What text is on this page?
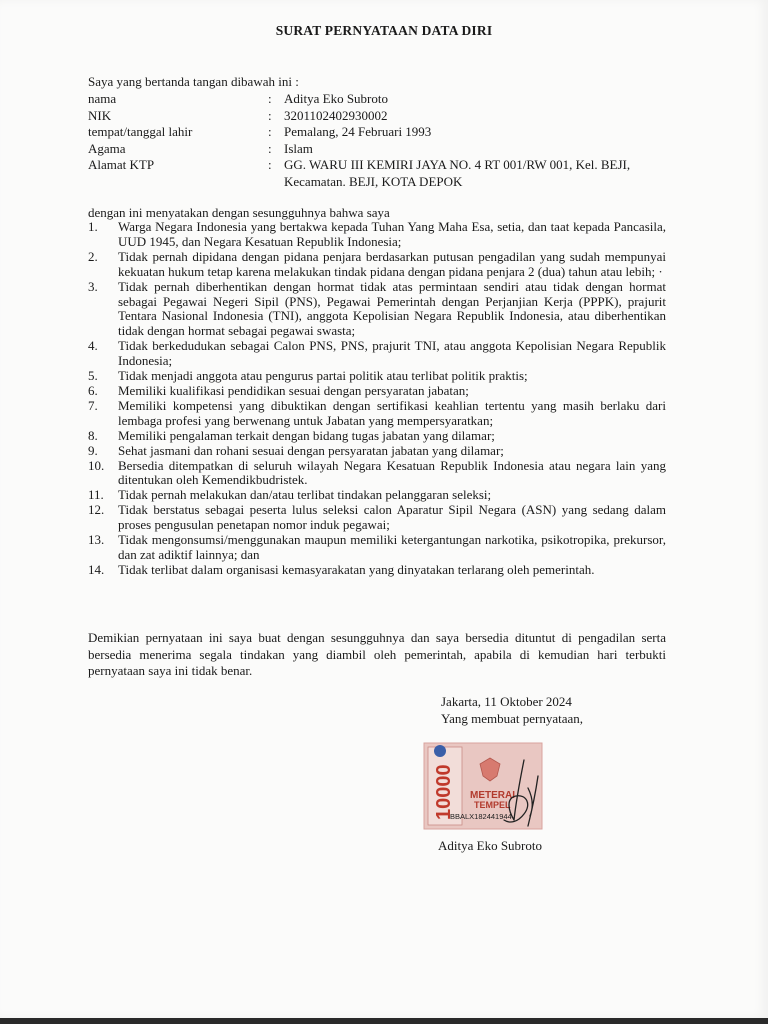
SURAT PERNYATAAN DATA DIRI
Saya yang bertanda tangan dibawah ini :
nama	: Aditya Eko Subroto
NIK	: 3201102402930002
tempat/tanggal lahir	: Pemalang, 24 Februari 1993
Agama	: Islam
Alamat KTP	: GG. WARU III KEMIRI JAYA NO. 4 RT 001/RW 001, Kel. BEJI, Kecamatan. BEJI, KOTA DEPOK
dengan ini menyatakan dengan sesungguhnya bahwa saya
1.	Warga Negara Indonesia yang bertakwa kepada Tuhan Yang Maha Esa, setia, dan taat kepada Pancasila, UUD 1945, dan Negara Kesatuan Republik Indonesia;
2.	Tidak pernah dipidana dengan pidana penjara berdasarkan putusan pengadilan yang sudah mempunyai kekuatan hukum tetap karena melakukan tindak pidana dengan pidana penjara 2 (dua) tahun atau lebih; ·
3.	Tidak pernah diberhentikan dengan hormat tidak atas permintaan sendiri atau tidak dengan hormat sebagai Pegawai Negeri Sipil (PNS), Pegawai Pemerintah dengan Perjanjian Kerja (PPPK), prajurit Tentara Nasional Indonesia (TNI), anggota Kepolisian Negara Republik Indonesia, atau diberhentikan tidak dengan hormat sebagai pegawai swasta;
4.	Tidak berkedudukan sebagai Calon PNS, PNS, prajurit TNI, atau anggota Kepolisian Negara Republik Indonesia;
5.	Tidak menjadi anggota atau pengurus partai politik atau terlibat politik praktis;
6.	Memiliki kualifikasi pendidikan sesuai dengan persyaratan jabatan;
7.	Memiliki kompetensi yang dibuktikan dengan sertifikasi keahlian tertentu yang masih berlaku dari lembaga profesi yang berwenang untuk Jabatan yang mempersyaratkan;
8.	Memiliki pengalaman terkait dengan bidang tugas jabatan yang dilamar;
9.	Sehat jasmani dan rohani sesuai dengan persyaratan jabatan yang dilamar;
10.	Bersedia ditempatkan di seluruh wilayah Negara Kesatuan Republik Indonesia atau negara lain yang ditentukan oleh Kemendikbudristek.
11.	Tidak pernah melakukan dan/atau terlibat tindakan pelanggaran seleksi;
12.	Tidak berstatus sebagai peserta lulus seleksi calon Aparatur Sipil Negara (ASN) yang sedang dalam proses pengusulan penetapan nomor induk pegawai;
13.	Tidak mengonsumsi/menggunakan maupun memiliki ketergantungan narkotika, psikotropika, prekursor, dan zat adiktif lainnya; dan
14.	Tidak terlibat dalam organisasi kemasyarakatan yang dinyatakan terlarang oleh pemerintah.
Demikian pernyataan ini saya buat dengan sesungguhnya dan saya bersedia dituntut di pengadilan serta bersedia menerima segala tindakan yang diambil oleh pemerintah, apabila di kemudian hari terbukti pernyataan saya ini tidak benar.
Jakarta, 11 Oktober 2024
Yang membuat pernyataan,
10000 METERAI
TEMPEL
BBALX182441944
Aditya Eko Subroto
